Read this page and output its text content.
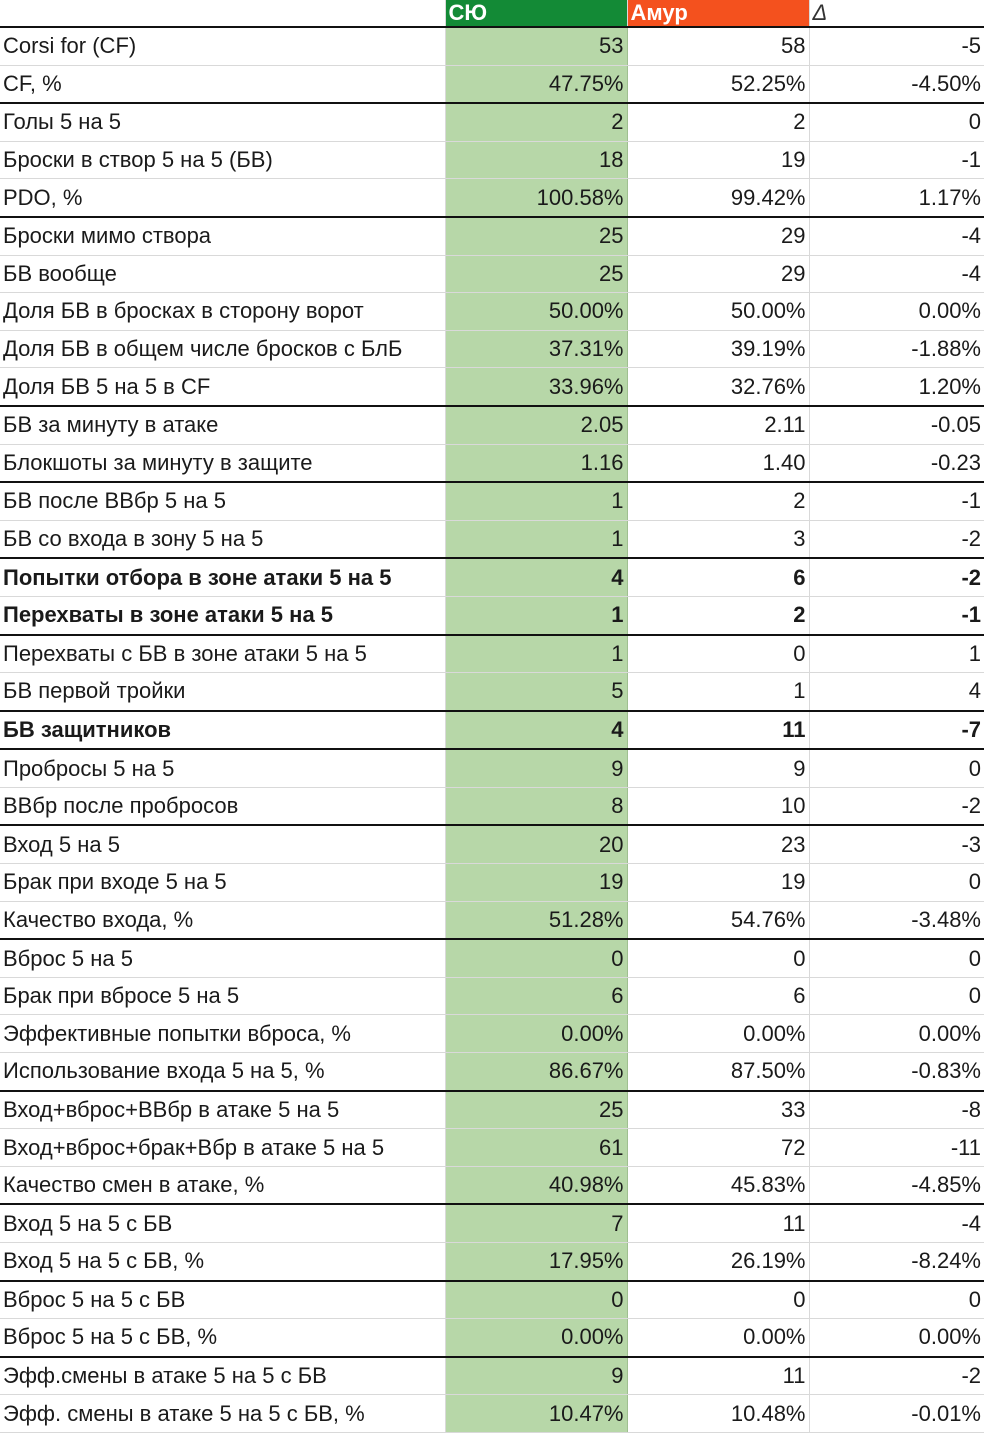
	СЮ	Амур	Δ
Corsi for (CF)	53	58	-5
CF, %	47.75%	52.25%	-4.50%
Голы 5 на 5	2	2	0
Броски в створ 5 на 5 (БВ)	18	19	-1
PDO, %	100.58%	99.42%	1.17%
Броски мимо створа	25	29	-4
БВ вообще	25	29	-4
Доля БВ в бросках в сторону ворот	50.00%	50.00%	0.00%
Доля БВ в общем числе бросков с БлБ	37.31%	39.19%	-1.88%
Доля БВ 5 на 5 в CF	33.96%	32.76%	1.20%
БВ за минуту в атаке	2.05	2.11	-0.05
Блокшоты за минуту в защите	1.16	1.40	-0.23
БВ после ВВбр 5 на 5	1	2	-1
БВ со входа в зону 5 на 5	1	3	-2
Попытки отбора в зоне атаки 5 на 5	4	6	-2
Перехваты в зоне атаки 5 на 5	1	2	-1
Перехваты с БВ в зоне атаки 5 на 5	1	0	1
БВ первой тройки	5	1	4
БВ защитников	4	11	-7
Пробросы 5 на 5	9	9	0
ВВбр после пробросов	8	10	-2
Вход 5 на 5	20	23	-3
Брак при входе 5 на 5	19	19	0
Качество входа, %	51.28%	54.76%	-3.48%
Вброс 5 на 5	0	0	0
Брак при вбросе 5 на 5	6	6	0
Эффективные попытки вброса, %	0.00%	0.00%	0.00%
Использование входа 5 на 5, %	86.67%	87.50%	-0.83%
Вход+вброс+ВВбр в атаке 5 на 5	25	33	-8
Вход+вброс+брак+Вбр в атаке 5 на 5	61	72	-11
Качество смен в атаке, %	40.98%	45.83%	-4.85%
Вход 5 на 5 с БВ	7	11	-4
Вход 5 на 5 с БВ, %	17.95%	26.19%	-8.24%
Вброс 5 на 5 с БВ	0	0	0
Вброс 5 на 5 с БВ, %	0.00%	0.00%	0.00%
Эфф.смены в атаке 5 на 5 с БВ	9	11	-2
Эфф. смены в атаке 5 на 5 с БВ, %	10.47%	10.48%	-0.01%
